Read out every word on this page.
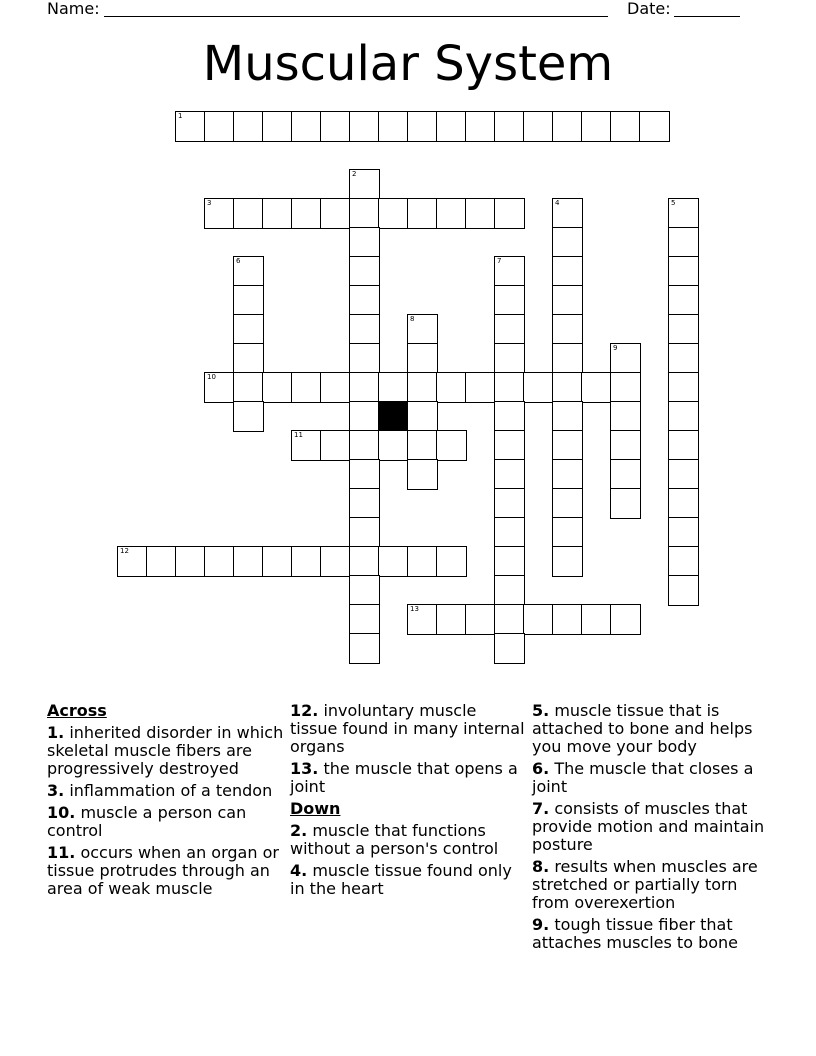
Name:	Date:
Muscular System
1
2
3	4	5
6	7
8
9
10
11
12
13
Across
1. inherited disorder in which skeletal muscle fibers are progressively destroyed
3. inflammation of a tendon
10. muscle a person can control
11. occurs when an organ or tissue protrudes through an area of weak muscle
12. involuntary muscle tissue found in many internal organs
13. the muscle that opens a joint
Down
2. muscle that functions without a person's control
4. muscle tissue found only in the heart
5. muscle tissue that is attached to bone and helps you move your body
6. The muscle that closes a joint
7. consists of muscles that provide motion and maintain posture
8. results when muscles are stretched or partially torn from overexertion
9. tough tissue fiber that attaches muscles to bone
